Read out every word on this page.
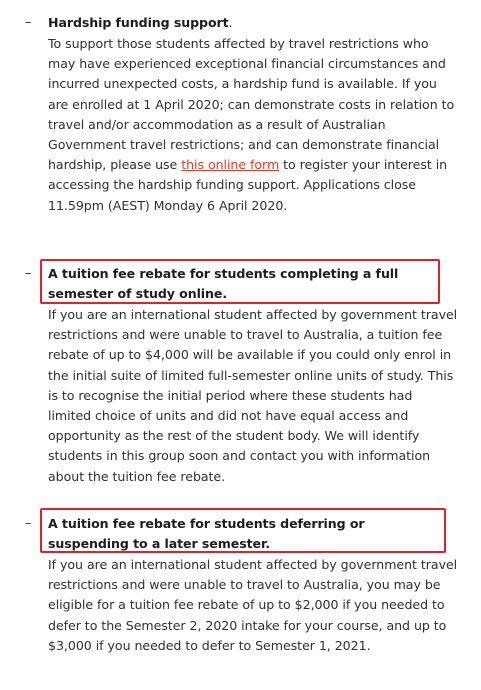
– Hardship funding support.
To support those students affected by travel restrictions who may have experienced exceptional financial circumstances and incurred unexpected costs, a hardship fund is available. If you are enrolled at 1 April 2020; can demonstrate costs in relation to travel and/or accommodation as a result of Australian Government travel restrictions; and can demonstrate financial hardship, please use this online form to register your interest in accessing the hardship funding support. Applications close 11.59pm (AEST) Monday 6 April 2020.
– A tuition fee rebate for students completing a full semester of study online.
If you are an international student affected by government travel restrictions and were unable to travel to Australia, a tuition fee rebate of up to $4,000 will be available if you could only enrol in the initial suite of limited full-semester online units of study. This is to recognise the initial period where these students had limited choice of units and did not have equal access and opportunity as the rest of the student body. We will identify students in this group soon and contact you with information about the tuition fee rebate.
– A tuition fee rebate for students deferring or suspending to a later semester.
If you are an international student affected by government travel restrictions and were unable to travel to Australia, you may be eligible for a tuition fee rebate of up to $2,000 if you needed to defer to the Semester 2, 2020 intake for your course, and up to $3,000 if you needed to defer to Semester 1, 2021.
